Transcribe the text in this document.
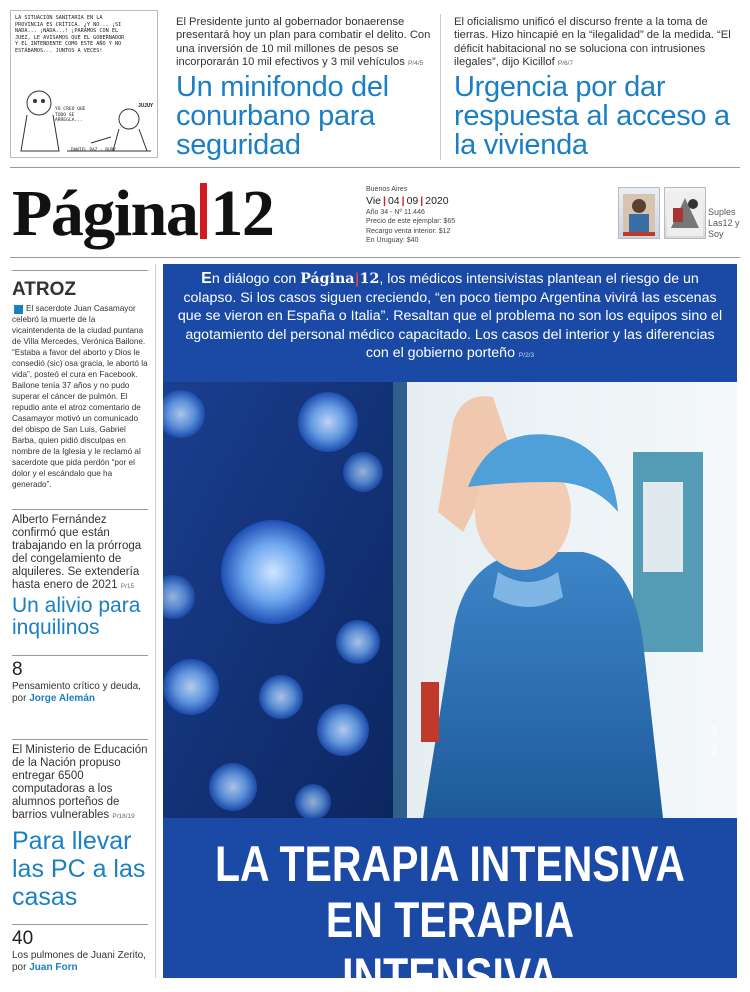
LA SITUACIÓN SANITARIA EN LA PROVINCIA ES CRÍTICA. ¿Y NO... ¡SI NADA... ¡NADA...! ¡PARÁMOS CON EL JUEZ, LE AVISAMOS QUE EL GOBERNADOR Y EL INTENDENTE COMO ESTE AÑO Y NO ESTÁBAMOS... JUNTOS A VECES!
YO CREO QUE TODO SE ARREGLA...
JUJUY
DANIEL PAZ · RUDY
El Presidente junto al gobernador bonaerense presentará hoy un plan para combatir el delito. Con una inversión de 10 mil millones de pesos se incorporarán 10 mil efectivos y 3 mil vehículos P/4/5
Un minifondo del conurbano para seguridad
El oficialismo unificó el discurso frente a la toma de tierras. Hizo hincapié en la “ilegalidad” de la medida. “El déficit habitacional no se soluciona con intrusiones ilegales”, dijo Kicillof P/6/7
Urgencia por dar respuesta al acceso a la vivienda
Página 12	Buenos Aires
Vie | 04 | 09 | 2020
Año 34 - Nº 11.446
Precio de este ejemplar: $65
Recargo venta interior: $12
En Uruguay: $40
Suples Las12 y Soy
ATROZ
El sacerdote Juan Casamayor celebró la muerte de la vicaintendenta de la ciudad puntana de Villa Mercedes, Verónica Bailone. “Estaba a favor del aborto y Dios le consedió (sic) osa gracia, le abortó la vida”, posteó el cura en Facebook. Bailone tenía 37 años y no pudo superar el cáncer de pulmón. El repudio ante el atroz comentario de Casamayor motivó un comunicado del obispo de San Luis, Gabriel Barba, quien pidió disculpas en nombre de la Iglesia y le reclamó al sacerdote que pida perdón “por el dolor y el escándalo que ha generado”.
Alberto Fernández confirmó que están trabajando en la prórroga del congelamiento de alquileres. Se extendería hasta enero de 2021 P/15
Un alivio para inquilinos
8
Pensamiento crítico y deuda, por Jorge Alemán
El Ministerio de Educación de la Nación propuso entregar 6500 computadoras a los alumnos porteños de barrios vulnerables P/18/19
Para llevar las PC a las casas
40
Los pulmones de Juani Zerito, por Juan Forn
En diálogo con Página|12, los médicos intensivistas plantean el riesgo de un colapso. Si los casos siguen creciendo, “en poco tiempo Argentina vivirá las escenas que se vieron en España o Italia”. Resaltan que el problema no son los equipos sino el agotamiento del personal médico capacitado. Los casos del interior y las diferencias con el gobierno porteño P/2/3
Pull - Jorh
LA TERAPIA INTENSIVA
EN TERAPIA INTENSIVA
